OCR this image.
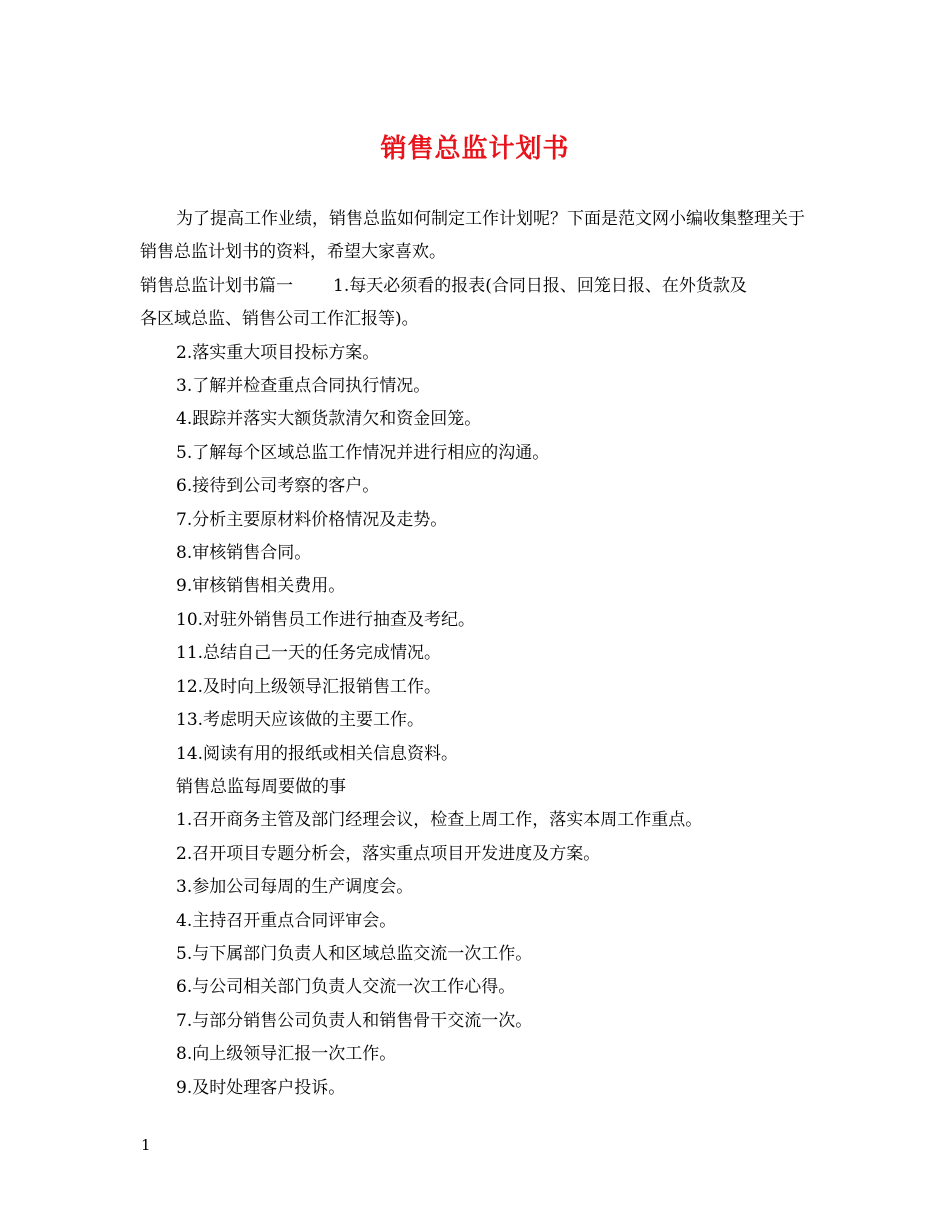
销售总监计划书

为了提高工作业绩，销售总监如何制定工作计划呢？下面是范文网小编收集整理关于销售总监计划书的资料，希望大家喜欢。

销售总监计划书篇一 1.每天必须看的报表(合同日报、回笼日报、在外货款及

各区域总监、销售公司工作汇报等)。

2.落实重大项目投标方案。

3.了解并检查重点合同执行情况。

4.跟踪并落实大额货款清欠和资金回笼。

5.了解每个区域总监工作情况并进行相应的沟通。

6.接待到公司考察的客户。

7.分析主要原材料价格情况及走势。

8.审核销售合同。

9.审核销售相关费用。

10.对驻外销售员工作进行抽查及考纪。

11.总结自己一天的任务完成情况。

12.及时向上级领导汇报销售工作。

13.考虑明天应该做的主要工作。

14.阅读有用的报纸或相关信息资料。

销售总监每周要做的事

1.召开商务主管及部门经理会议，检查上周工作，落实本周工作重点。

2.召开项目专题分析会，落实重点项目开发进度及方案。

3.参加公司每周的生产调度会。

4.主持召开重点合同评审会。

5.与下属部门负责人和区域总监交流一次工作。

6.与公司相关部门负责人交流一次工作心得。

7.与部分销售公司负责人和销售骨干交流一次。

8.向上级领导汇报一次工作。

9.及时处理客户投诉。

1
